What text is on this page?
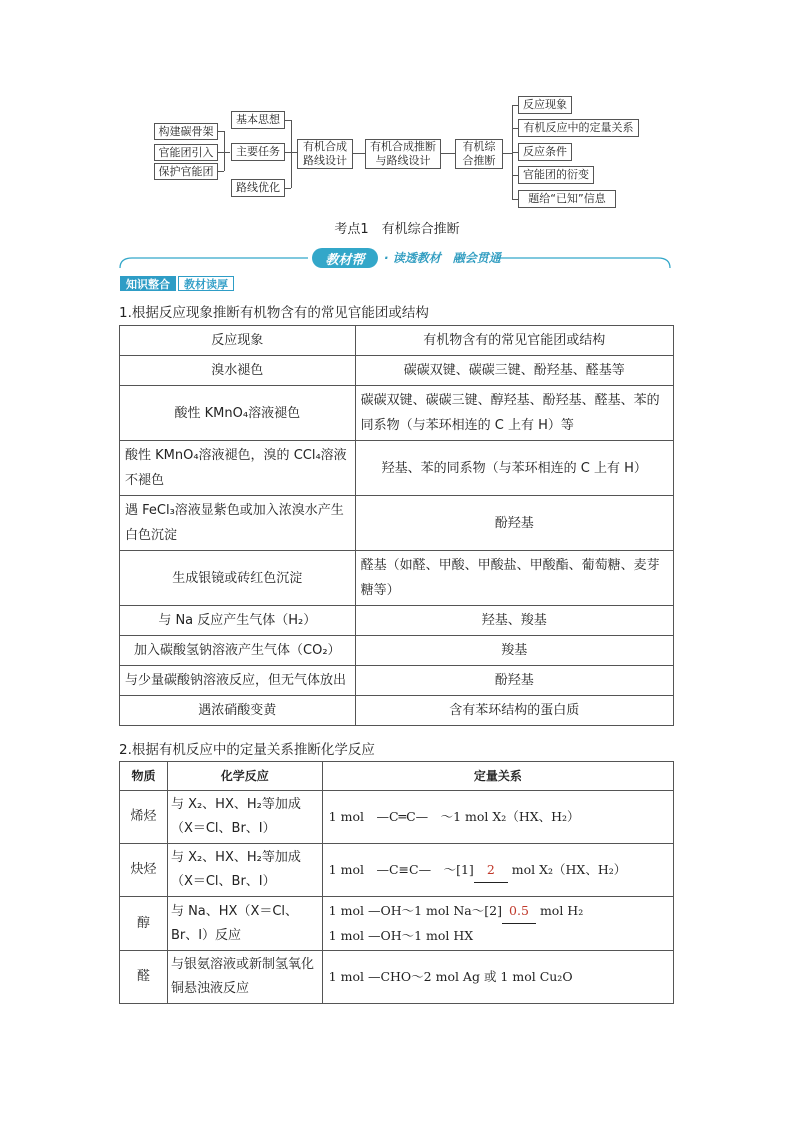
构建碳骨架
官能团引入
保护官能团
基本思想
主要任务
路线优化
有机合成
路线设计
有机合成推断
与路线设计
有机综
合推断
反应现象
有机反应中的定量关系
反应条件
官能团的衍变
题给“已知”信息
考点1　有机综合推断
教材帮	· 读透教材　融会贯通
知识整合	教材读厚
1.根据反应现象推断有机物含有的常见官能团或结构
反应现象	有机物含有的常见官能团或结构
溴水褪色	碳碳双键、碳碳三键、酚羟基、醛基等
酸性 KMnO₄溶液褪色	碳碳双键、碳碳三键、醇羟基、酚羟基、醛基、苯的同系物（与苯环相连的 C 上有 H）等
酸性 KMnO₄溶液褪色，溴的 CCl₄溶液不褪色	羟基、苯的同系物（与苯环相连的 C 上有 H）
遇 FeCl₃溶液显紫色或加入浓溴水产生白色沉淀	酚羟基
生成银镜或砖红色沉淀	醛基（如醛、甲酸、甲酸盐、甲酸酯、葡萄糖、麦芽糖等）
与 Na 反应产生气体（H₂）	羟基、羧基
加入碳酸氢钠溶液产生气体（CO₂）	羧基
与少量碳酸钠溶液反应，但无气体放出	酚羟基
遇浓硝酸变黄	含有苯环结构的蛋白质
2.根据有机反应中的定量关系推断化学反应
物质	化学反应	定量关系
烯烃	与 X₂、HX、H₂等加成（X＝Cl、Br、I）	1 mol　—C═C—　～1 mol X₂（HX、H₂）
炔烃	与 X₂、HX、H₂等加成（X＝Cl、Br、I）	1 mol　—C≡C—　～[1] 2 mol X₂（HX、H₂）
醇	与 Na、HX（X＝Cl、Br、I）反应	1 mol —OH～1 mol Na～[2] 0.5 mol H₂
1 mol —OH～1 mol HX

醛	与银氨溶液或新制氢氧化铜悬浊液反应	1 mol —CHO～2 mol Ag 或 1 mol Cu₂O
